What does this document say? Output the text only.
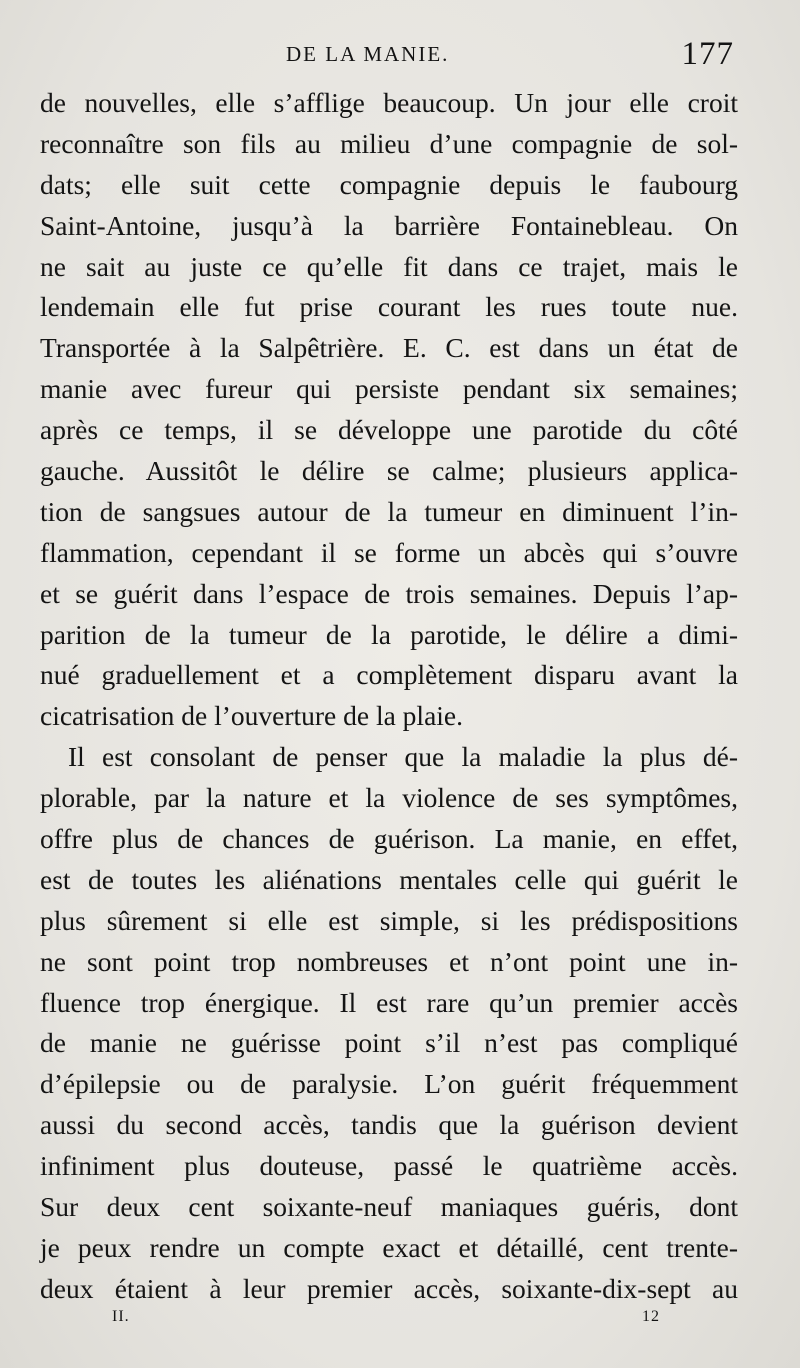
DE LA MANIE.	177
de nouvelles, elle s’afflige beaucoup. Un jour elle croit
reconnaître son fils au milieu d’une compagnie de sol-
dats; elle suit cette compagnie depuis le faubourg
Saint-Antoine, jusqu’à la barrière Fontainebleau. On
ne sait au juste ce qu’elle fit dans ce trajet, mais le
lendemain elle fut prise courant les rues toute nue.
Transportée à la Salpêtrière. E. C. est dans un état de
manie avec fureur qui persiste pendant six semaines;
après ce temps, il se développe une parotide du côté
gauche. Aussitôt le délire se calme; plusieurs applica-
tion de sangsues autour de la tumeur en diminuent l’in-
flammation, cependant il se forme un abcès qui s’ouvre
et se guérit dans l’espace de trois semaines. Depuis l’ap-
parition de la tumeur de la parotide, le délire a dimi-
nué graduellement et a complètement disparu avant la
cicatrisation de l’ouverture de la plaie.
Il est consolant de penser que la maladie la plus dé-
plorable, par la nature et la violence de ses symptômes,
offre plus de chances de guérison. La manie, en effet,
est de toutes les aliénations mentales celle qui guérit le
plus sûrement si elle est simple, si les prédispositions
ne sont point trop nombreuses et n’ont point une in-
fluence trop énergique. Il est rare qu’un premier accès
de manie ne guérisse point s’il n’est pas compliqué
d’épilepsie ou de paralysie. L’on guérit fréquemment
aussi du second accès, tandis que la guérison devient
infiniment plus douteuse, passé le quatrième accès.
Sur deux cent soixante-neuf maniaques guéris, dont
je peux rendre un compte exact et détaillé, cent trente-
deux étaient à leur premier accès, soixante-dix-sept au
II.	12
